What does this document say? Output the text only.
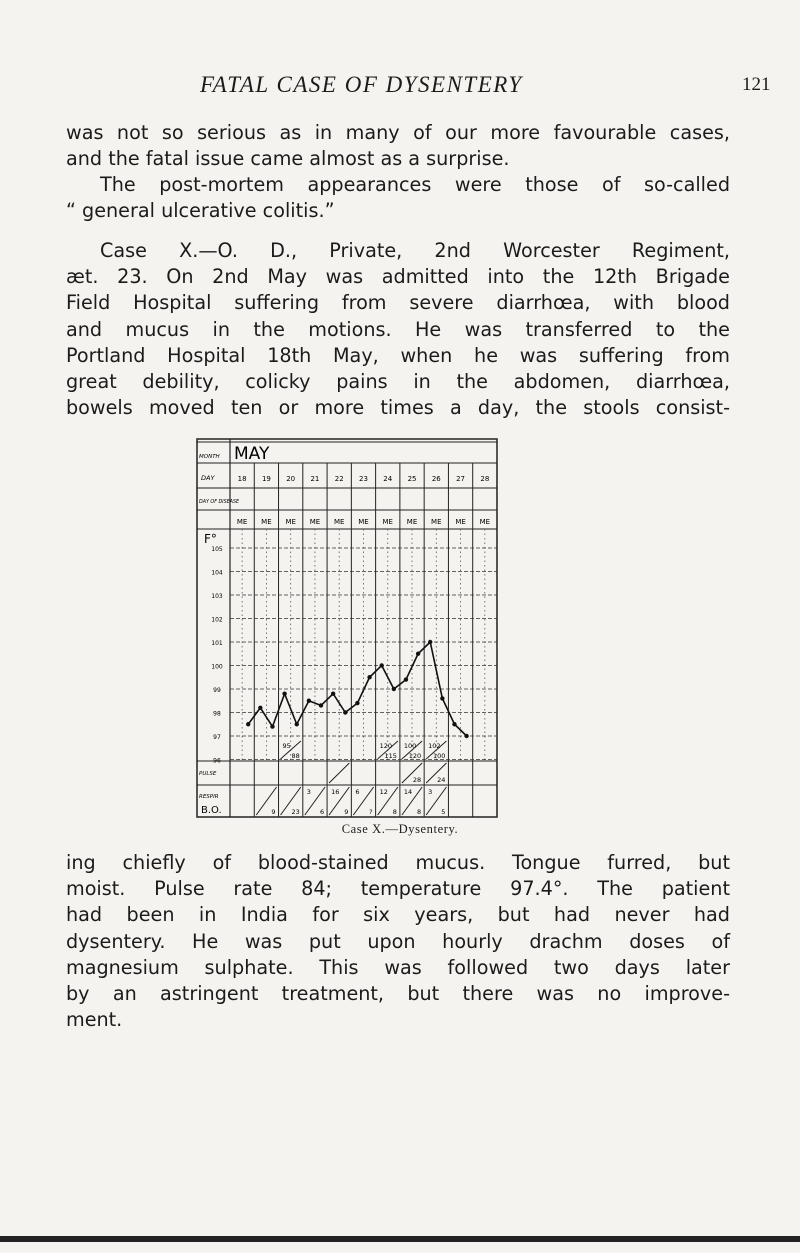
FATAL CASE OF DYSENTERY	121
was not so serious as in many of our more favourable cases,
and the fatal issue came almost as a surprise.
The post-mortem appearances were those of so-called
“ general ulcerative colitis.”
Case X.—O. D., Private, 2nd Worcester Regiment,
æt. 23. On 2nd May was admitted into the 12th Brigade
Field Hospital suffering from severe diarrhœa, with blood
and mucus in the motions. He was transferred to the
Portland Hospital 18th May, when he was suffering from
great debility, colicky pains in the abdomen, diarrhœa,
bowels moved ten or more times a day, the stools consist-
MONTH MAY
DAY
DAY OF DISEASE
F°
PULSE
RESPIR
B.O.
105
104
103
102
101
100
99
98
97
96
18
ME
19
ME
20
ME
21
ME
22
ME
23
ME
24
ME
25
ME
26
ME
27
ME
28
ME
95
88
120
115
100
120
102
100
28 24
9 23
3
6
16
9
6
?
12
8
14
8
3
5
Case X.—Dysentery.
ing chiefly of blood-stained mucus. Tongue furred, but
moist. Pulse rate 84; temperature 97.4°. The patient
had been in India for six years, but had never had
dysentery. He was put upon hourly drachm doses of
magnesium sulphate. This was followed two days later
by an astringent treatment, but there was no improve-
ment.
